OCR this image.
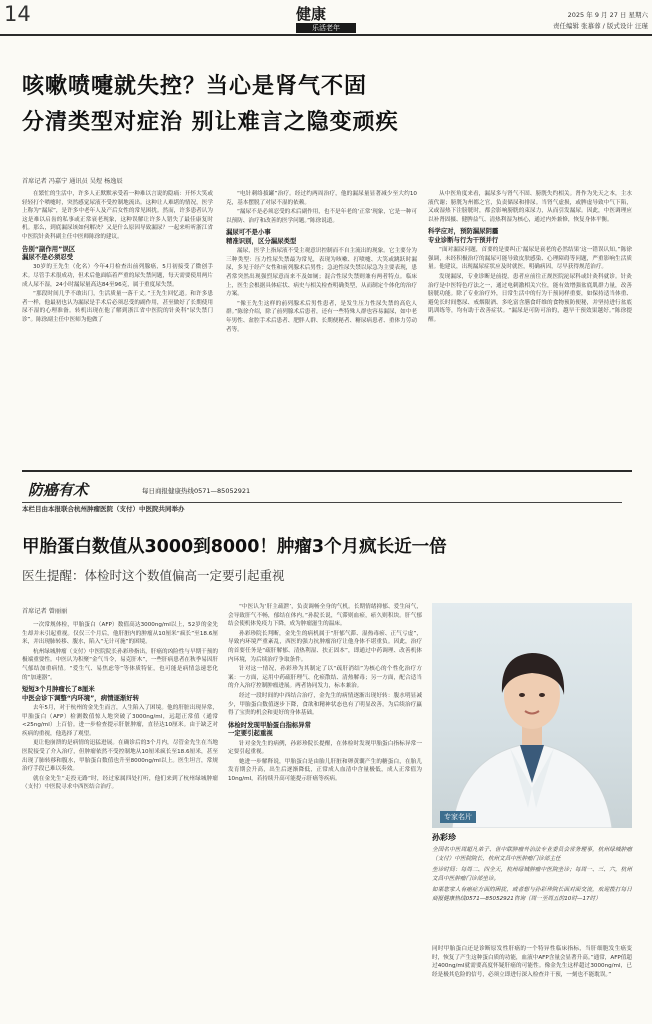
14	健康
乐活老年
2025 年 9 月 27 日 星期六
责任编辑 张慕蓉 / 版式设计 汪瑾
咳嗽喷嚏就失控？当心是肾气不固
分清类型对症治 别让难言之隐变顽疾
首席记者 冯嘉宁 通讯员 吴煜 杨逸辰

在繁忙的生活中，许多人正默默承受着一种难以言说的隐痛：开怀大笑或轻轻打个喷嚏时，突然感觉尿液不受控制地流出。这种让人难堪的情况，医学上称为“漏尿”，是许多中老年人及产后女性的常见困扰。然而，许多患者认为这是难以启齿的私事或正常衰老现象，这种误解让许多人错失了最佳康复时机。那么，到底漏尿该如何解决？又是什么原因导致漏尿？一起来听听浙江省中医院针灸科副主任中医师陈徐的建议。

告别“副作用”误区
漏尿不是必须忍受

30岁的王先生（化名）今年4月检查出前列腺癌，5月初接受了微创手术。尽管手术很成功，但术后他面临着严重的尿失禁问题，每天需要使用两片成人尿不湿，24小时漏尿量高达84至96克，属于重度尿失禁。

“那段时间几乎不敢出门，生活质量一落千丈。”王先生回忆道。和许多患者一样，他最初也认为漏尿是手术后必须忍受的副作用，甚至做好了长期使用尿不湿的心理准备。转机出现在他了解到浙江省中医院的针灸科“尿失禁门诊”。陈徐副主任中医师为他做了

“电针刺络拔罐”治疗。经过约两周治疗，他的漏尿量显著减少至大约10克，基本摆脱了对尿不湿的依赖。

“漏尿不是必须忍受的术后副作用，也不是年老的‘正常’现象，它是一种可以预防、治疗和改善的医学问题。”陈徐说道。

漏尿可不是小事
精准识别，区分漏尿类型

漏尿，医学上指尿液不受主观意识控制而不自主流出的现象。它主要分为三种类型：压力性尿失禁最为常见，表现为咳嗽、打喷嚏、大笑或跳跃时漏尿，多见于经产女性和前列腺术后男性；急迫性尿失禁以尿急为主要表现，患者常突然出现强烈尿意而来不及如厕；混合性尿失禁则兼有两者特点。临床上，医生会根据具体症状、病史与相关检查明确类型，从而制定个体化的治疗方案。

“像王先生这样的前列腺术后男性患者，是发生压力性尿失禁的高危人群。”陈徐介绍，除了前列腺术后患者，还有一些特殊人群也容易漏尿，如中老年男性、盆腔手术后患者、肥胖人群、长期便秘者、糖尿病患者、重体力劳动者等。

从中医角度来看，漏尿多与肾气不固、膀胱失约相关。肾作为先天之本，主水液代谢；膀胱为州都之官，负责储尿和排尿。当肾气虚损，或脾虚导致中气下陷，又或湿热下注膀胱时，都会影响膀胱的束尿力，从而引发漏尿。因此，中医调理应以补肾固摄、健脾益气、清热利湿为核心，通过内外兼修，恢复身体平衡。

科学应对，预防漏尿阴霾
专业诊断与行为干预并行

“面对漏尿问题，首要的是要纠正‘漏尿是衰老的必然结果’这一错误认知。”陈徐强调，未经积极治疗的漏尿可能导致皮肤感染、心理障碍等问题，严重影响生活质量。他建议，出现漏尿症状应及时就医，明确病因，尽早获得规范治疗。

发现漏尿，专业诊断是前提，患者应前往正规医院泌尿科或针灸科就诊。针灸治疗是中医特色疗法之一，通过电刺激相关穴位，能有效增强盆底肌群力量，改善膀胱功能。除了专业治疗外，日常生活中的行为干预同样重要，如保持适当体重、避免长时间憋尿、戒烟限酒、多吃富含膳食纤维的食物预防便秘，并坚持进行盆底肌训练等，均有助于改善症状。“漏尿是可防可治的，越早干预效果越好。”陈徐提醒。

防癌有术	每日商报健康热线0571—85052921
本栏目由本报联合杭州肿瘤医院（支付）中医院共同举办
甲胎蛋白数值从3000到8000！肿瘤3个月疯长近一倍
医生提醒：体检时这个数值偏高一定要引起重视
首席记者 曾丽丽

一次常规体检，甲胎蛋白（AFP）数值高达3000ng/ml以上，52岁的金先生却并未引起重视。仅仅三个月后，他肝脏内的肿瘤从10厘米“疯长”至18.6厘米，并出现肺转移、腹水，陷入“无计可施”的困境。

杭州绿城肿瘤（支付）中医院院长孙彩珍指出，肝癌的凶险性与早期干预的极端重要性。中医认为积聚“金气当令，易克肝木”，一些肝病患者在秋季易因肝气郁结加重病情。“爱生气、易焦虑等”等体质特征，也可能是病情急速恶化的“加速器”。

短短3个月肿瘤长了8厘米
中医会诊下调整“内环境”，病情逐渐好转

去年5月，对于杭州的金先生而言，人生陷入了困境。他的肝脏出现异常，甲胎蛋白（AFP）检测数值惊人地突破了3000ng/ml，远超正常值（通常<25ng/ml）上百倍。进一步检查提示肝脏肿瘤，直径达10厘米。由于缺乏对疾病的重视，他选择了观望。

更让他崩溃的是病情的迅猛进展。在确诊后的3个月内，尽管金先生在当地医院接受了介入治疗，但肿瘤依然不受控制地从10厘米疯长至18.6厘米，甚至出现了肺转移和腹水，甲胎蛋白数值也升至8000ng/ml以上。医生坦言，常规治疗手段已难以奏效。

就在金先生“走投无路”时，经过家属四处打听，他们来到了杭州绿城肿瘤（支付）中医院寻求中西医结合治疗。

“中医认为‘肝主疏泄’，负责调畅全身的气机。长期情绪抑郁、爱生闷气，会导致肝气不畅，郁结在体内。”孙院长说，气滞则血瘀，瘀久则积块。肝气郁结会使机体免疫力下降，成为肿瘤滋生的温床。

孙彩珍院长判断，金先生的病机属于“肝郁气滞、湿热毒瘀、正气亏虚”，导致内环境严重紊乱，西医的强力抗肿瘤治疗让他身体不堪重负。因此，治疗的首要任务是“疏肝解郁、清热利湿、扶正固本”，即通过中药调理、改善机体内环境，为后续治疗争取条件。

针对这一情况，孙彩珍为其制定了以“疏肝消结”为核心的个性化治疗方案：一方面，运用中药疏肝理气、化瘀散结、清热解毒；另一方面，配合适当的介入治疗控制肿瘤进展。两者协同发力，标本兼治。

经过一段时间的中西结合治疗，金先生的病情逐渐出现好转：腹水明显减少，甲胎蛋白数值逐步下降，食欲和精神状态也有了明显改善，为后续治疗赢得了宝贵的机会和更好的身体基础。

体检时发现甲胎蛋白指标异常
一定要引起重视

针对金先生的病例，孙彩珍院长提醒，在体检时发现甲胎蛋白指标异常一定要引起重视。

她进一步解释说，甲胎蛋白是由胎儿肝脏和卵黄囊产生的糖蛋白，在胎儿发育期会升高，出生后逐渐降低，正常成人血清中含量极低，成人正常值为10ng/ml，若持续升高可能提示肝癌等疾病。

专家名片
孙彩珍
全国名中医周超凡弟子、世中联肿瘤外治法专业委员会常务理事，杭州绿城肿瘤（支付）中医院院长，杭州文昌中医肿瘤门诊部主任
坐诊时间：每周二、四全天，杭州绿城肿瘤中医院坐诊；每周一、三、六，杭州文昌中医肿瘤门诊部坐诊。
如果您家人有癌症方面的困扰，或者想与孙彩珍院长面对面交流，欢迎拨打每日商报健康热线0571—85052921咨询（周一至周五的10时—17时）

同时甲胎蛋白还是诊断原发性肝癌的一个特异性临床指标，当肝细胞发生癌变时，恢复了产生这种蛋白质的功能，血液中AFP含量会显著升高。”通常，AFP值超过400ng/ml就需要高度怀疑肝癌的可能性。像金先生这样超过3000ng/ml，已经是极其危险的信号，必须立即进行深入检查并干预，一刻也不能耽误。”
